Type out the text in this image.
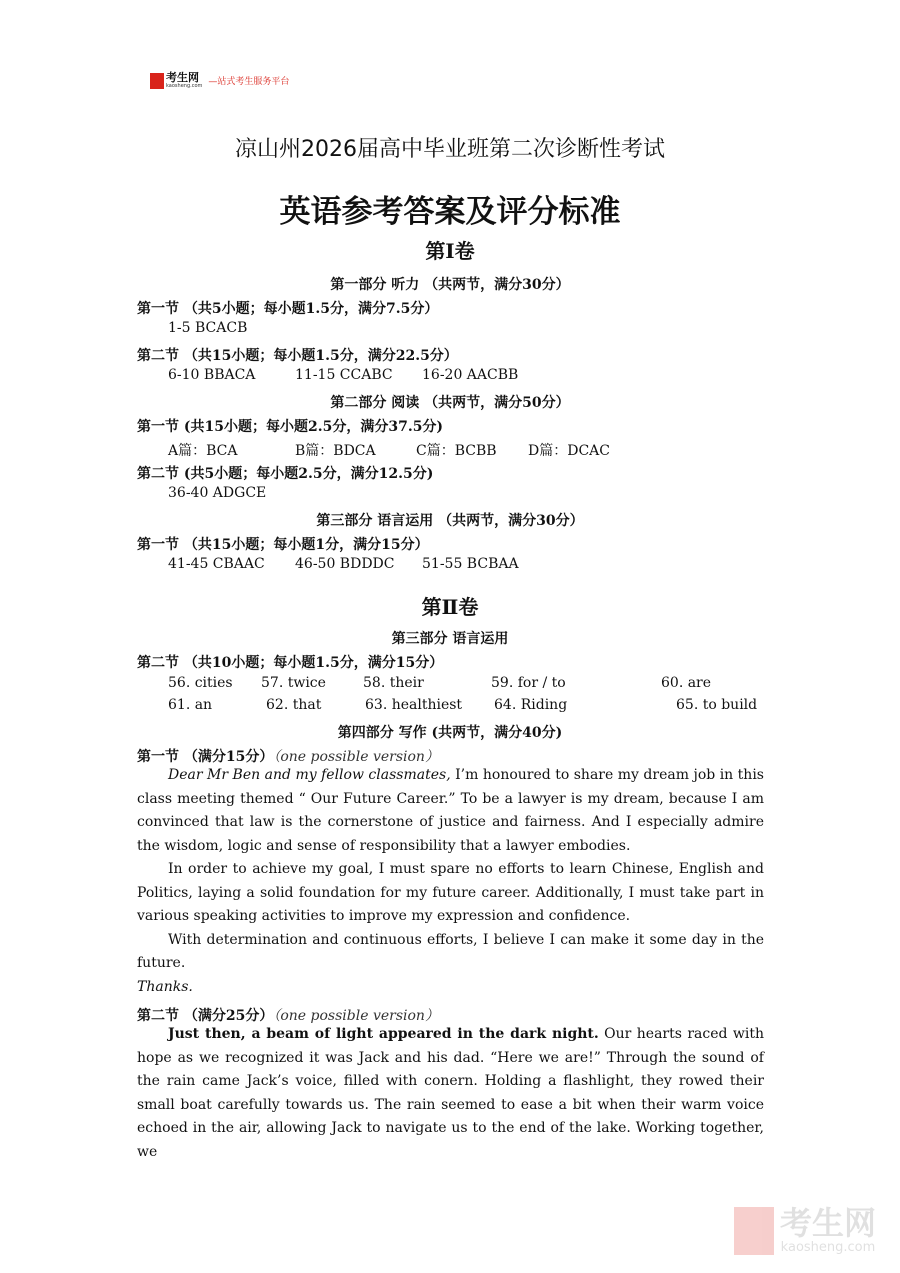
考生网
kaosheng.com —站式考生服务平台
凉山州2026届高中毕业班第二次诊断性考试
英语参考答案及评分标准
第Ⅰ卷
第一部分 听力 （共两节，满分30分）
第一节 （共5小题；每小题1.5分，满分7.5分）
1-5 BCACB
第二节 （共15小题；每小题1.5分，满分22.5分）
6-10 BBACA	11-15 CCABC 16-20 AACBB
第二部分 阅读 （共两节，满分50分）
第一节 (共15小题；每小题2.5分，满分37.5分)
A篇：BCA	B篇：BDCA	C篇：BCBB D篇：DCAC
第二节 (共5小题；每小题2.5分，满分12.5分)
36-40 ADGCE
第三部分 语言运用 （共两节，满分30分）
第一节 （共15小题；每小题1分，满分15分）
41-45 CBAAC 46-50 BDDDC 51-55 BCBAA
第Ⅱ卷
第三部分 语言运用
第二节 （共10小题；每小题1.5分，满分15分）
56. cities 57. twice	58. their	59. for / to	60. are
61. an	62. that	63. healthiest 64. Riding	65. to build
第四部分 写作 (共两节，满分40分)
第一节 （满分15分）（one possible version）

Dear Mr Ben and my fellow classmates, I’m honoured to share my dream job in this class meeting themed “ Our Future Career.” To be a lawyer is my dream, because I am convinced that law is the cornerstone of justice and fairness. And I especially admire the wisdom, logic and sense of responsibility that a lawyer embodies.

In order to achieve my goal, I must spare no efforts to learn Chinese, English and Politics, laying a solid foundation for my future career. Additionally, I must take part in various speaking activities to improve my expression and confidence.

With determination and continuous efforts, I believe I can make it some day in the future.

Thanks.
第二节 （满分25分）（one possible version）

Just then, a beam of light appeared in the dark night. Our hearts raced with hope as we recognized it was Jack and his dad. “Here we are!” Through the sound of the rain came Jack’s voice, filled with conern. Holding a flashlight, they rowed their small boat carefully towards us. The rain seemed to ease a bit when their warm voice echoed in the air, allowing Jack to navigate us to the end of the lake. Working together, we

考生网
kaosheng.com
